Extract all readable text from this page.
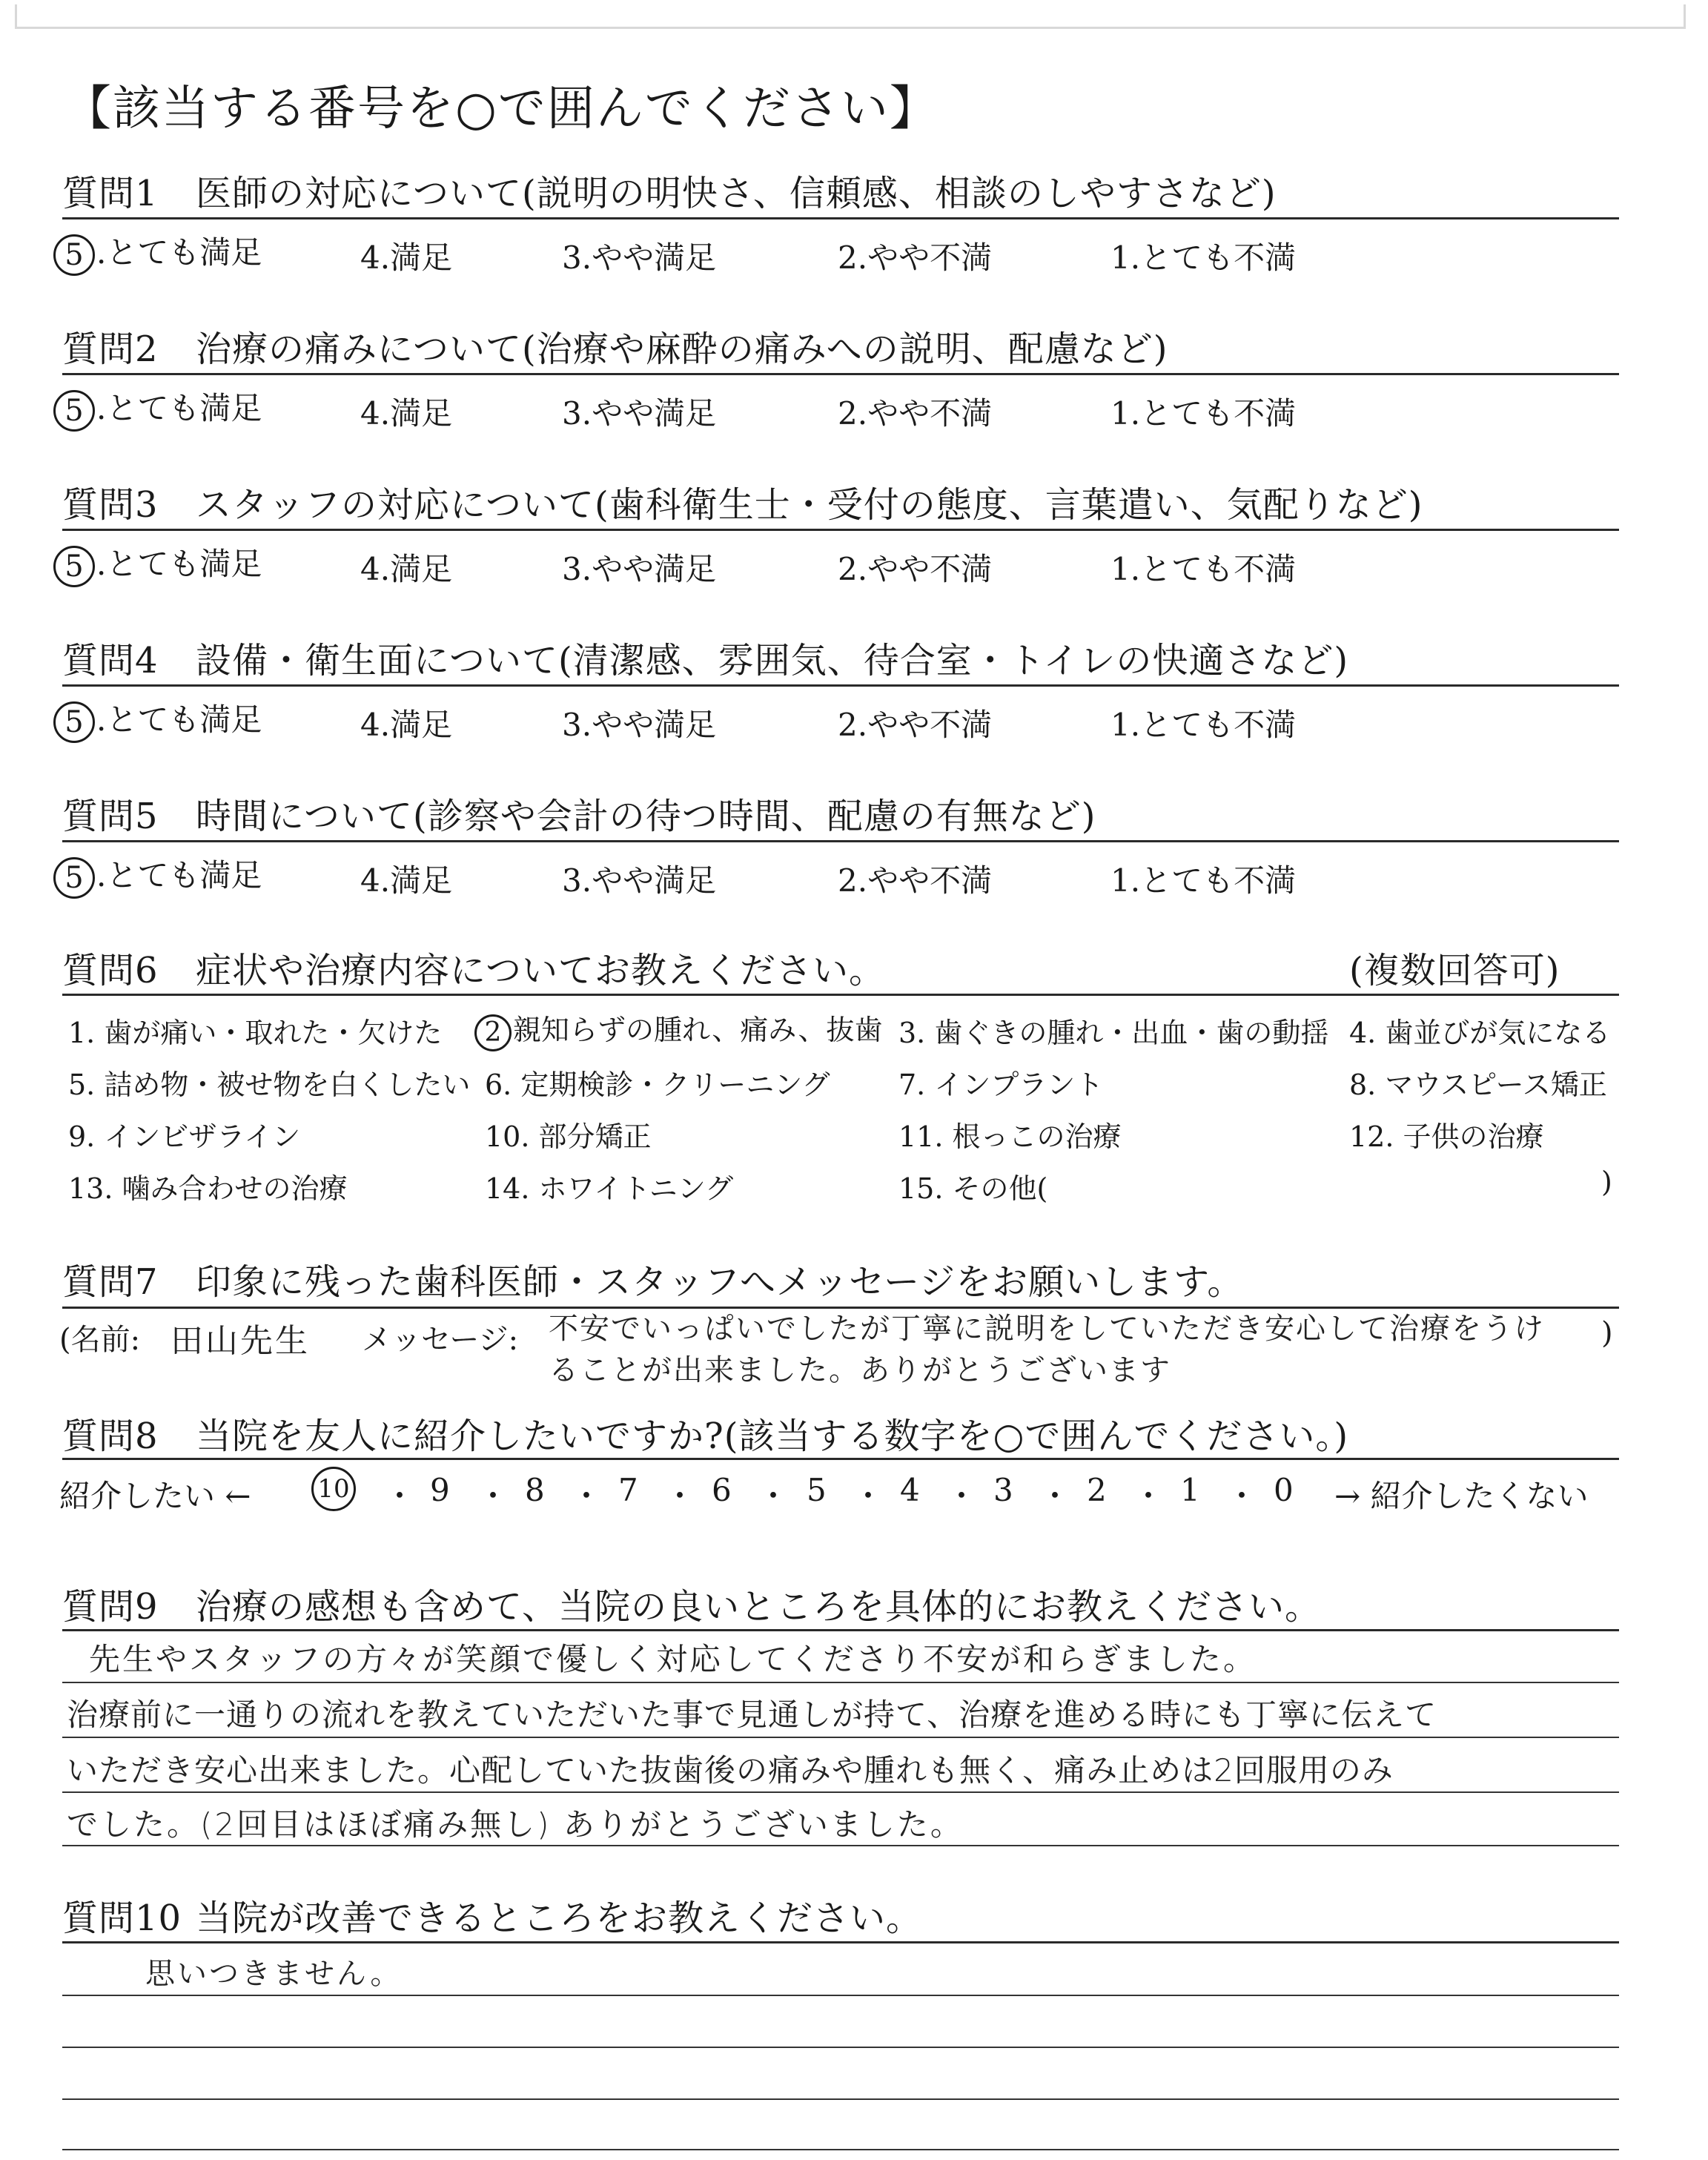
【該当する番号を○で囲んでください】
質問1 医師の対応について(説明の明快さ、信頼感、相談のしやすさなど)
5 .とても満足	4.満足	3.やや満足	2.やや不満	1.とても不満
質問2 治療の痛みについて(治療や麻酔の痛みへの説明、配慮など)
5 .とても満足	4.満足	3.やや満足	2.やや不満	1.とても不満
質問3 スタッフの対応について(歯科衛生士・受付の態度、言葉遣い、気配りなど)
5 .とても満足	4.満足	3.やや満足	2.やや不満	1.とても不満
質問4 設備・衛生面について(清潔感、雰囲気、待合室・トイレの快適さなど)
5 .とても満足	4.満足	3.やや満足	2.やや不満	1.とても不満
質問5 時間について(診察や会計の待つ時間、配慮の有無など)
5 .とても満足	4.満足	3.やや満足	2.やや不満	1.とても不満
質問6 症状や治療内容についてお教えください。	(複数回答可)
1. 歯が痛い・取れた・欠けた	2 親知らずの腫れ、痛み、抜歯 3. 歯ぐきの腫れ・出血・歯の動揺 4. 歯並びが気になる
5. 詰め物・被せ物を白くしたい 6. 定期検診・クリーニング 7. インプラント	8. マウスピース矯正
9. インビザライン	10. 部分矯正	11. 根っこの治療	12. 子供の治療
13. 噛み合わせの治療	14. ホワイトニング	15. その他(	)
質問7 印象に残った歯科医師・スタッフへメッセージをお願いします。
(名前: 田山先生 メッセージ: 不安でいっぱいでしたが丁寧に説明をしていただき安心して治療をうけることが出来ました。ありがとうございます
)
質問8 当院を友人に紹介したいですか?(該当する数字を○で囲んでください。)
紹介したい ←	10 ・ 9 ・ 8 ・ 7 ・ 6 ・ 5 ・ 4 ・ 3 ・ 2 ・ 1 ・ 0 → 紹介したくない
質問9 治療の感想も含めて、当院の良いところを具体的にお教えください。
先生やスタッフの方々が笑顔で優しく対応してくださり不安が和らぎました。
治療前に一通りの流れを教えていただいた事で見通しが持て、治療を進める時にも丁寧に伝えて
いただき安心出来ました。心配していた抜歯後の痛みや腫れも無く、痛み止めは2回服用のみ
でした。(2回目はほぼ痛み無し) ありがとうございました。
質問10 当院が改善できるところをお教えください。
思いつきません。
